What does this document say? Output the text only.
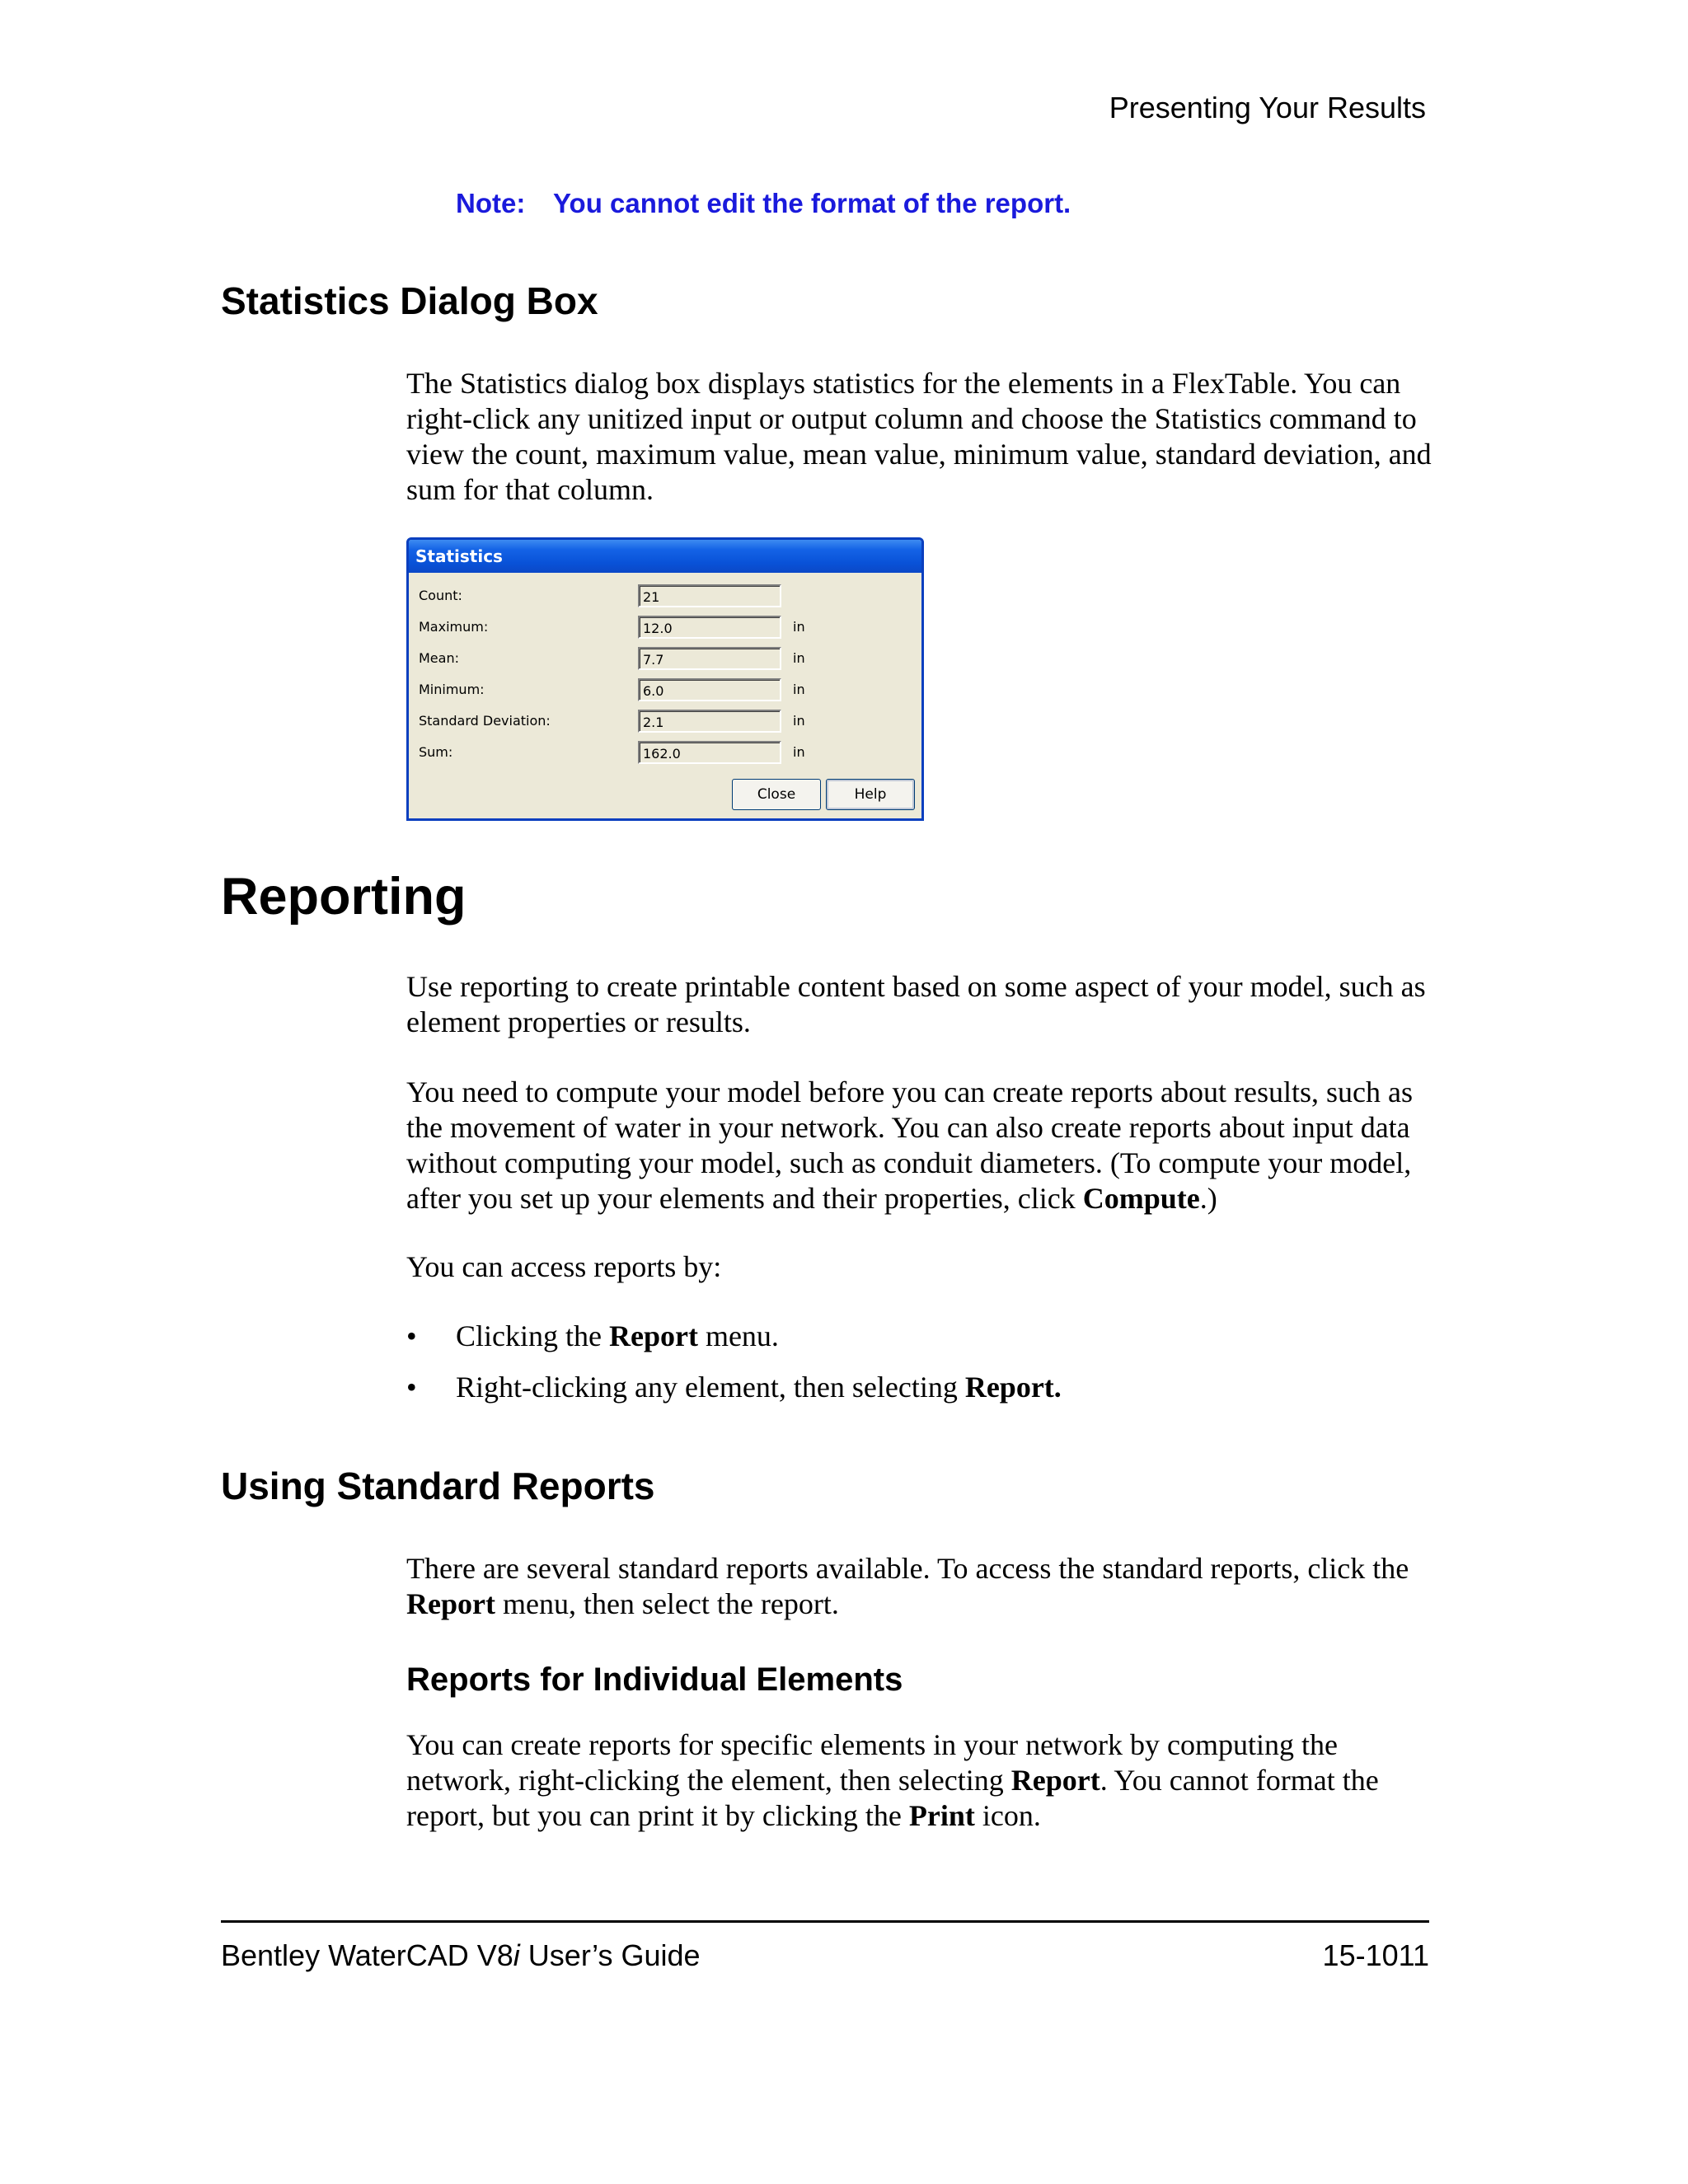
Presenting Your Results
Note: You cannot edit the format of the report.
Statistics Dialog Box
The Statistics dialog box displays statistics for the elements in a FlexTable. You can right-click any unitized input or output column and choose the Statistics command to view the count, maximum value, mean value, minimum value, standard deviation, and sum for that column.
Statistics
Count:	21
Maximum:	12.0	in
Mean:	7.7	in
Minimum:	6.0	in
Standard Deviation:	2.1	in
Sum:	162.0	in
Close	Help
Reporting
Use reporting to create printable content based on some aspect of your model, such as element properties or results.
You need to compute your model before you can create reports about results, such as the movement of water in your network. You can also create reports about input data without computing your model, such as conduit diameters. (To compute your model, after you set up your elements and their properties, click Compute.)
You can access reports by:
• Clicking the Report menu.
• Right-clicking any element, then selecting Report.
Using Standard Reports
There are several standard reports available. To access the standard reports, click the Report menu, then select the report.
Reports for Individual Elements
You can create reports for specific elements in your network by computing the network, right-clicking the element, then selecting Report. You cannot format the report, but you can print it by clicking the Print icon.
Bentley WaterCAD V8i User’s Guide	15-1011
